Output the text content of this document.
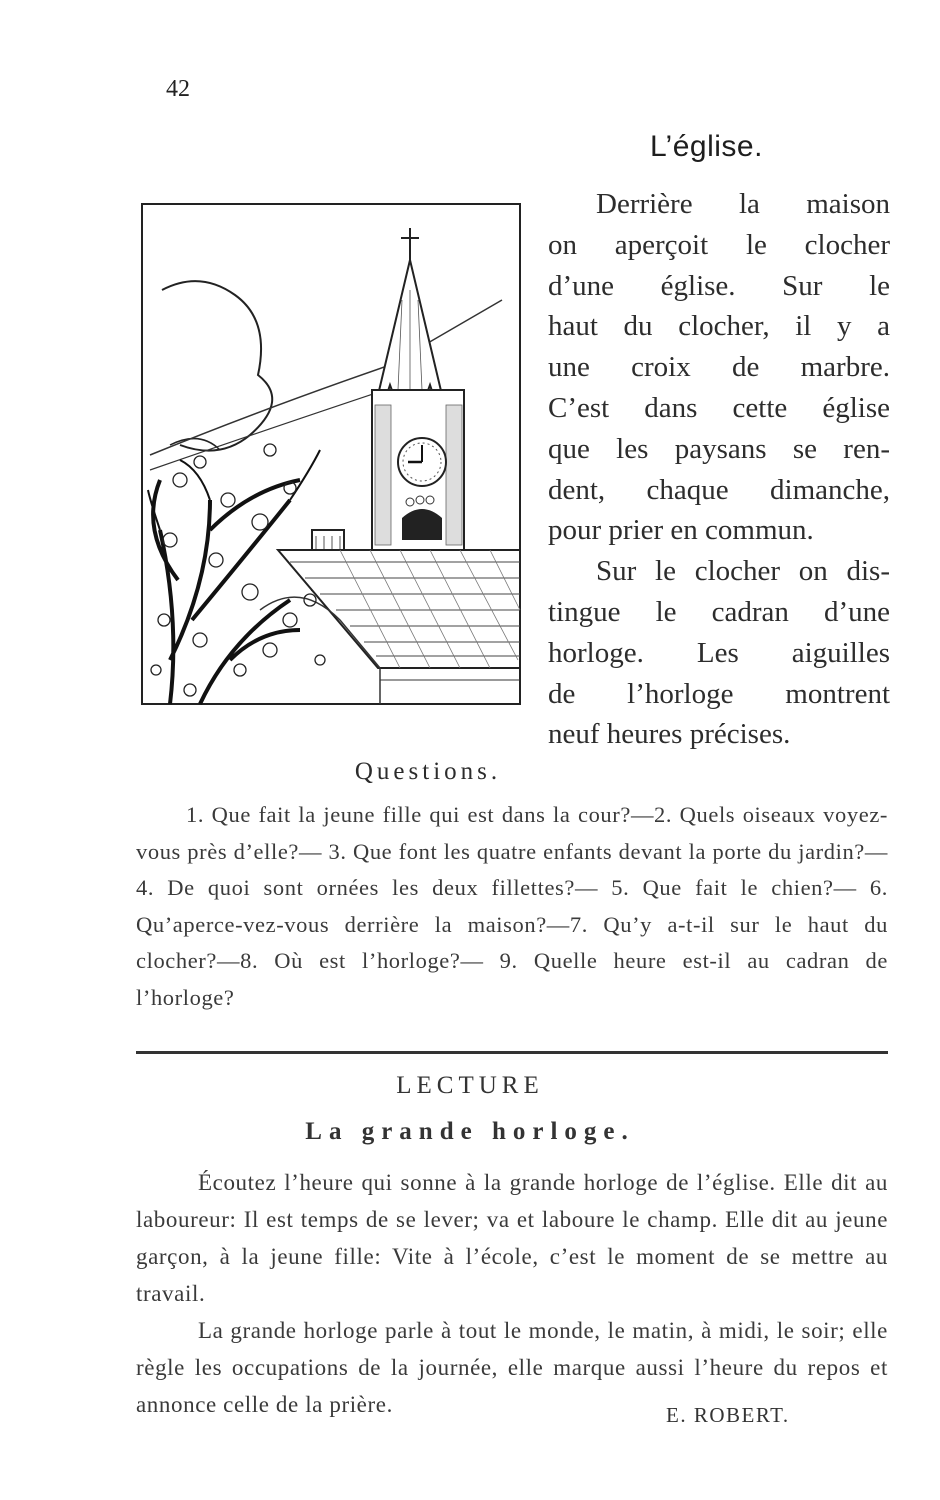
42
L’église.
Derrière la maison
on aperçoit le clocher
d’une église. Sur le
haut du clocher, il y a
une croix de marbre.
C’est dans cette église
que les paysans se ren-
dent, chaque dimanche,
pour prier en commun.
Sur le clocher on dis-
tingue le cadran d’une
horloge. Les aiguilles
de l’horloge montrent
neuf heures précises.
Questions.
1. Que fait la jeune fille qui est dans la cour?—2. Quels oiseaux voyez-vous près d’elle?— 3. Que font les quatre enfants devant la porte du jardin?—4. De quoi sont ornées les deux fillettes?— 5. Que fait le chien?— 6. Qu’aperce-vez-vous derrière la maison?—7. Qu’y a-t-il sur le haut du clocher?—8. Où est l’horloge?— 9. Quelle heure est-il au cadran de l’horloge?
LECTURE
La grande horloge.

Écoutez l’heure qui sonne à la grande horloge de l’église. Elle dit au laboureur: Il est temps de se lever; va et laboure le champ. Elle dit au jeune garçon, à la jeune fille: Vite à l’école, c’est le moment de se mettre au travail.

La grande horloge parle à tout le monde, le matin, à midi, le soir; elle règle les occupations de la journée, elle marque aussi l’heure du repos et annonce celle de la prière.	E. ROBERT.
